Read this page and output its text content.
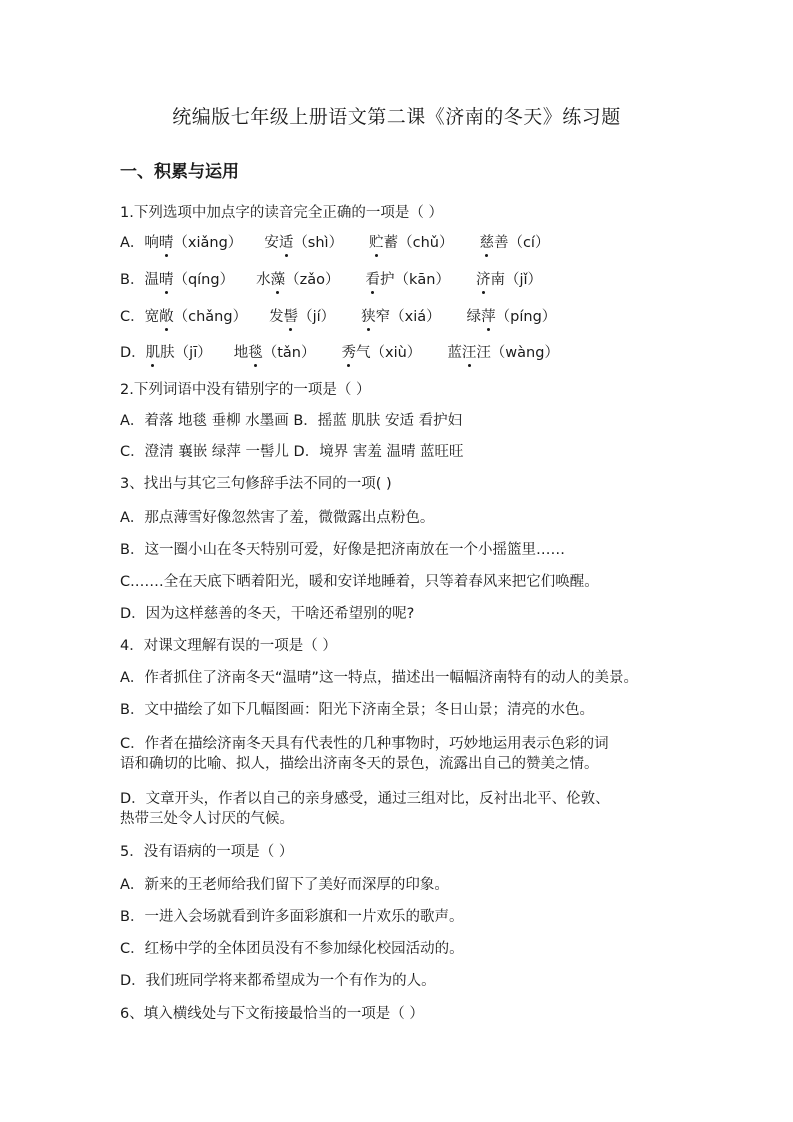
统编版七年级上册语文第二课《济南的冬天》练习题
一、积累与运用
1.下列选项中加点字的读音完全正确的一项是（ ）
A．响晴（xiǎng） 安适（shì） 贮蓄（chǔ） 慈善（cí）
B．温晴（qíng） 水藻（zǎo） 看护（kān） 济南（jǐ）
C．宽敞（chǎng） 发髻（jí） 狭窄（xiá） 绿萍（píng）
D．肌肤（jī） 地毯（tǎn） 秀气（xiù） 蓝汪汪（wàng）
2.下列词语中没有错别字的一项是（ ）
A．着落 地毯 垂柳 水墨画 B．摇蓝 肌肤 安适 看护妇
C．澄清 襄嵌 绿萍 一髻儿 D．境界 害羞 温晴 蓝旺旺
3、找出与其它三句修辞手法不同的一项( )
A．那点薄雪好像忽然害了羞，微微露出点粉色。
B．这一圈小山在冬天特别可爱，好像是把济南放在一个小摇篮里……
C.……全在天底下晒着阳光，暖和安详地睡着，只等着春风来把它们唤醒。
D．因为这样慈善的冬天，干啥还希望别的呢?
4．对课文理解有误的一项是（ ）
A．作者抓住了济南冬天“温晴”这一特点，描述出一幅幅济南特有的动人的美景。
B．文中描绘了如下几幅图画：阳光下济南全景；冬日山景；清亮的水色。
C．作者在描绘济南冬天具有代表性的几种事物时，巧妙地运用表示色彩的词
语和确切的比喻、拟人，描绘出济南冬天的景色，流露出自己的赞美之情。
D．文章开头，作者以自己的亲身感受，通过三组对比，反衬出北平、伦敦、
热带三处令人讨厌的气候。
5．没有语病的一项是（ ）
A．新来的王老师给我们留下了美好而深厚的印象。
B．一进入会场就看到许多面彩旗和一片欢乐的歌声。
C．红杨中学的全体团员没有不参加绿化校园活动的。
D．我们班同学将来都希望成为一个有作为的人。
6、填入横线处与下文衔接最恰当的一项是（ ）
